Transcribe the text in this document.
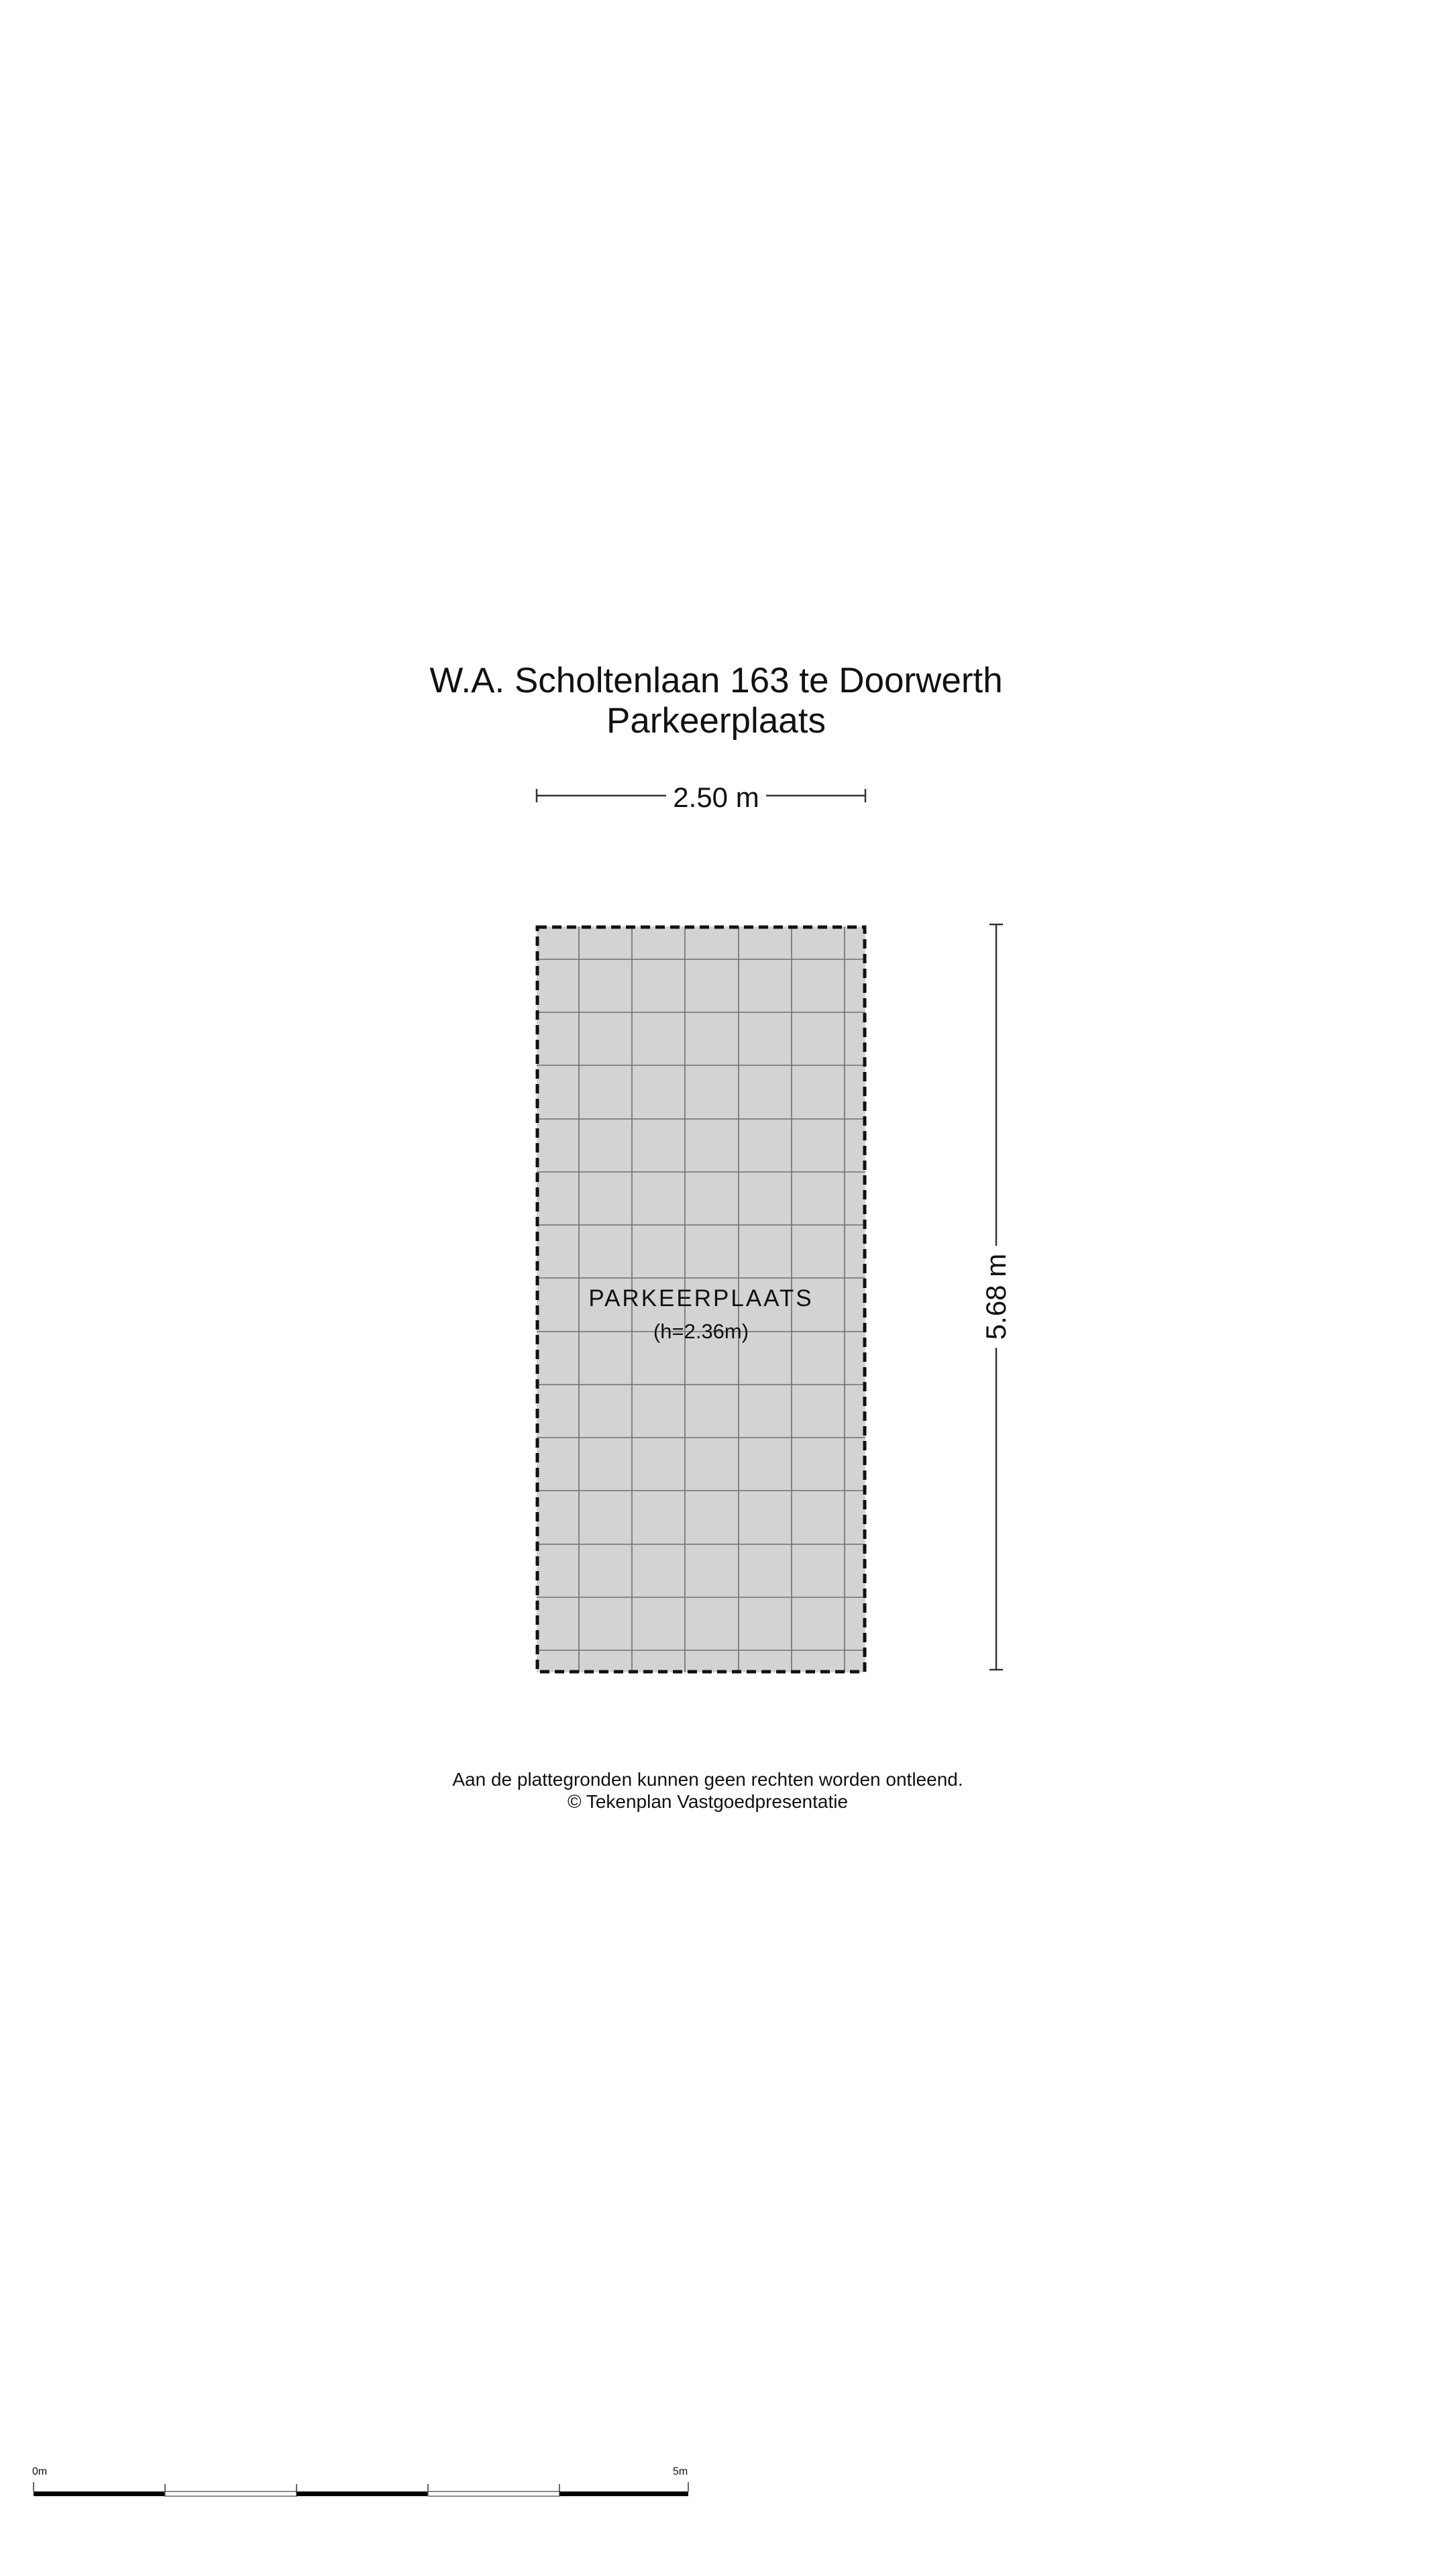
W.A. Scholtenlaan 163 te Doorwerth
Parkeerplaats
2.50 m
5.68 m
PARKEERPLAATS
(h=2.36m)
Aan de plattegronden kunnen geen rechten worden ontleend.
© Tekenplan Vastgoedpresentatie
0m	5m
